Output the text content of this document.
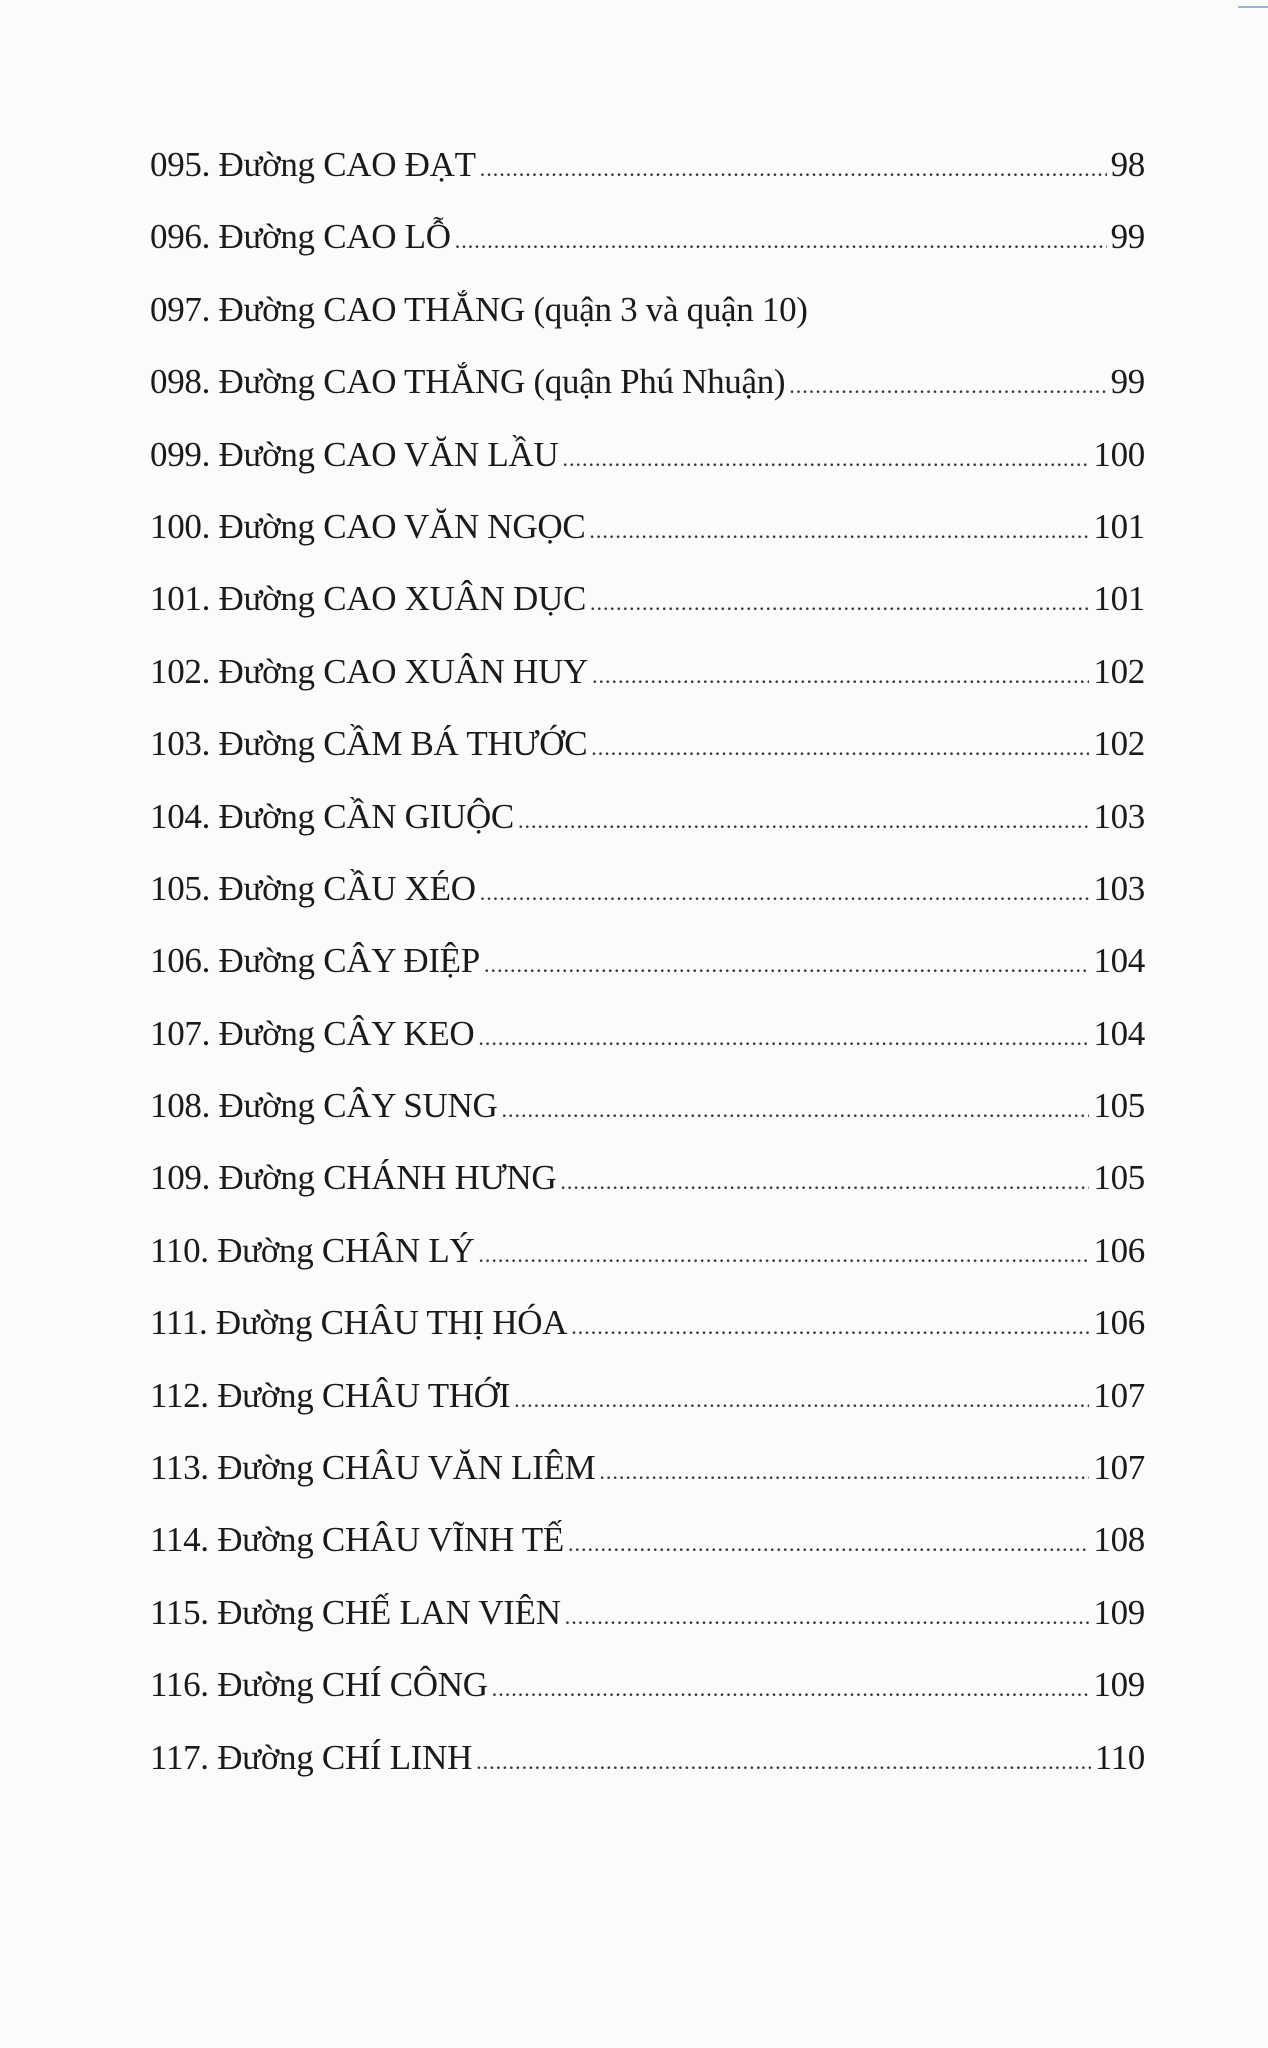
095. Đường CAO ĐẠT .....	98
096. Đường CAO LỖ .....	99
097. Đường CAO THẮNG (quận 3 và quận 10)
098. Đường CAO THẮNG (quận Phú Nhuận) .....	99
099. Đường CAO VĂN LẦU .....	100
100. Đường CAO VĂN NGỌC .....	101
101. Đường CAO XUÂN DỤC .....	101
102. Đường CAO XUÂN HUY .....	102
103. Đường CẦM BÁ THƯỚC .....	102
104. Đường CẦN GIUỘC .....	103
105. Đường CẦU XÉO .....	103
106. Đường CÂY ĐIỆP .....	104
107. Đường CÂY KEO .....	104
108. Đường CÂY SUNG .....	105
109. Đường CHÁNH HƯNG .....	105
110. Đường CHÂN LÝ .....	106
111. Đường CHÂU THỊ HÓA .....	106
112. Đường CHÂU THỚI .....	107
113. Đường CHÂU VĂN LIÊM .....	107
114. Đường CHÂU VĨNH TẾ .....	108
115. Đường CHẾ LAN VIÊN .....	109
116. Đường CHÍ CÔNG .....	109
117. Đường CHÍ LINH .....	110
